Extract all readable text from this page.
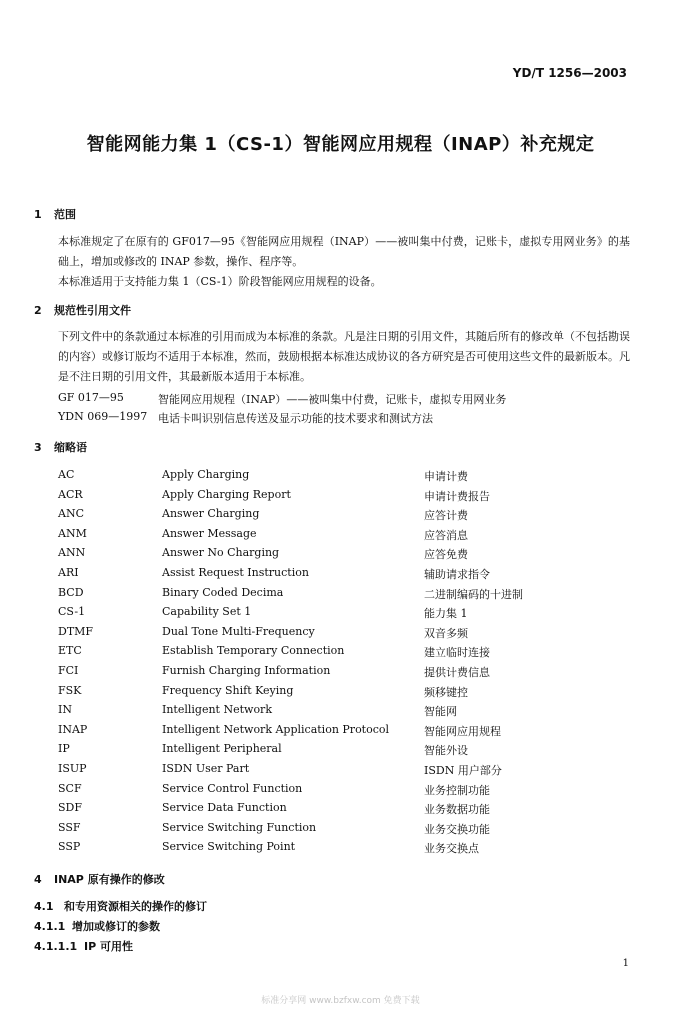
YD/T 1256—2003
智能网能力集 1（CS-1）智能网应用规程（INAP）补充规定
1 范围
本标准规定了在原有的 GF017—95《智能网应用规程（INAP）——被叫集中付费，记账卡，虚拟专用网业务》的基础上，增加或修改的 INAP 参数，操作、程序等。
本标准适用于支持能力集 1（CS-1）阶段智能网应用规程的设备。
2 规范性引用文件
下列文件中的条款通过本标准的引用而成为本标准的条款。凡是注日期的引用文件，其随后所有的修改单（不包括勘误的内容）或修订版均不适用于本标准，然而，鼓励根据本标准达成协议的各方研究是否可使用这些文件的最新版本。凡是不注日期的引用文件，其最新版本适用于本标准。
GF 017—95	智能网应用规程（INAP）——被叫集中付费，记账卡，虚拟专用网业务
YDN 069—1997 电话卡叫识别信息传送及显示功能的技术要求和测试方法
3 缩略语
AC	Apply Charging	申请计费
ACR	Apply Charging Report	申请计费报告
ANC	Answer Charging	应答计费
ANM	Answer Message	应答消息
ANN	Answer No Charging	应答免费
ARI	Assist Request Instruction	辅助请求指令
BCD	Binary Coded Decima	二进制编码的十进制
CS-1	Capability Set 1	能力集 1
DTMF	Dual Tone Multi-Frequency	双音多频
ETC	Establish Temporary Connection	建立临时连接
FCI	Furnish Charging Information	提供计费信息
FSK	Frequency Shift Keying	频移键控
IN	Intelligent Network	智能网
INAP	Intelligent Network Application Protocol	智能网应用规程
IP	Intelligent Peripheral	智能外设
ISUP	ISDN User Part	ISDN 用户部分
SCF	Service Control Function	业务控制功能
SDF	Service Data Function	业务数据功能
SSF	Service Switching Function	业务交换功能
SSP	Service Switching Point	业务交换点
4 INAP 原有操作的修改
4.1 和专用资源相关的操作的修订
4.1.1 增加或修订的参数
4.1.1.1 IP 可用性
1
标准分享网 www.bzfxw.com 免费下载
